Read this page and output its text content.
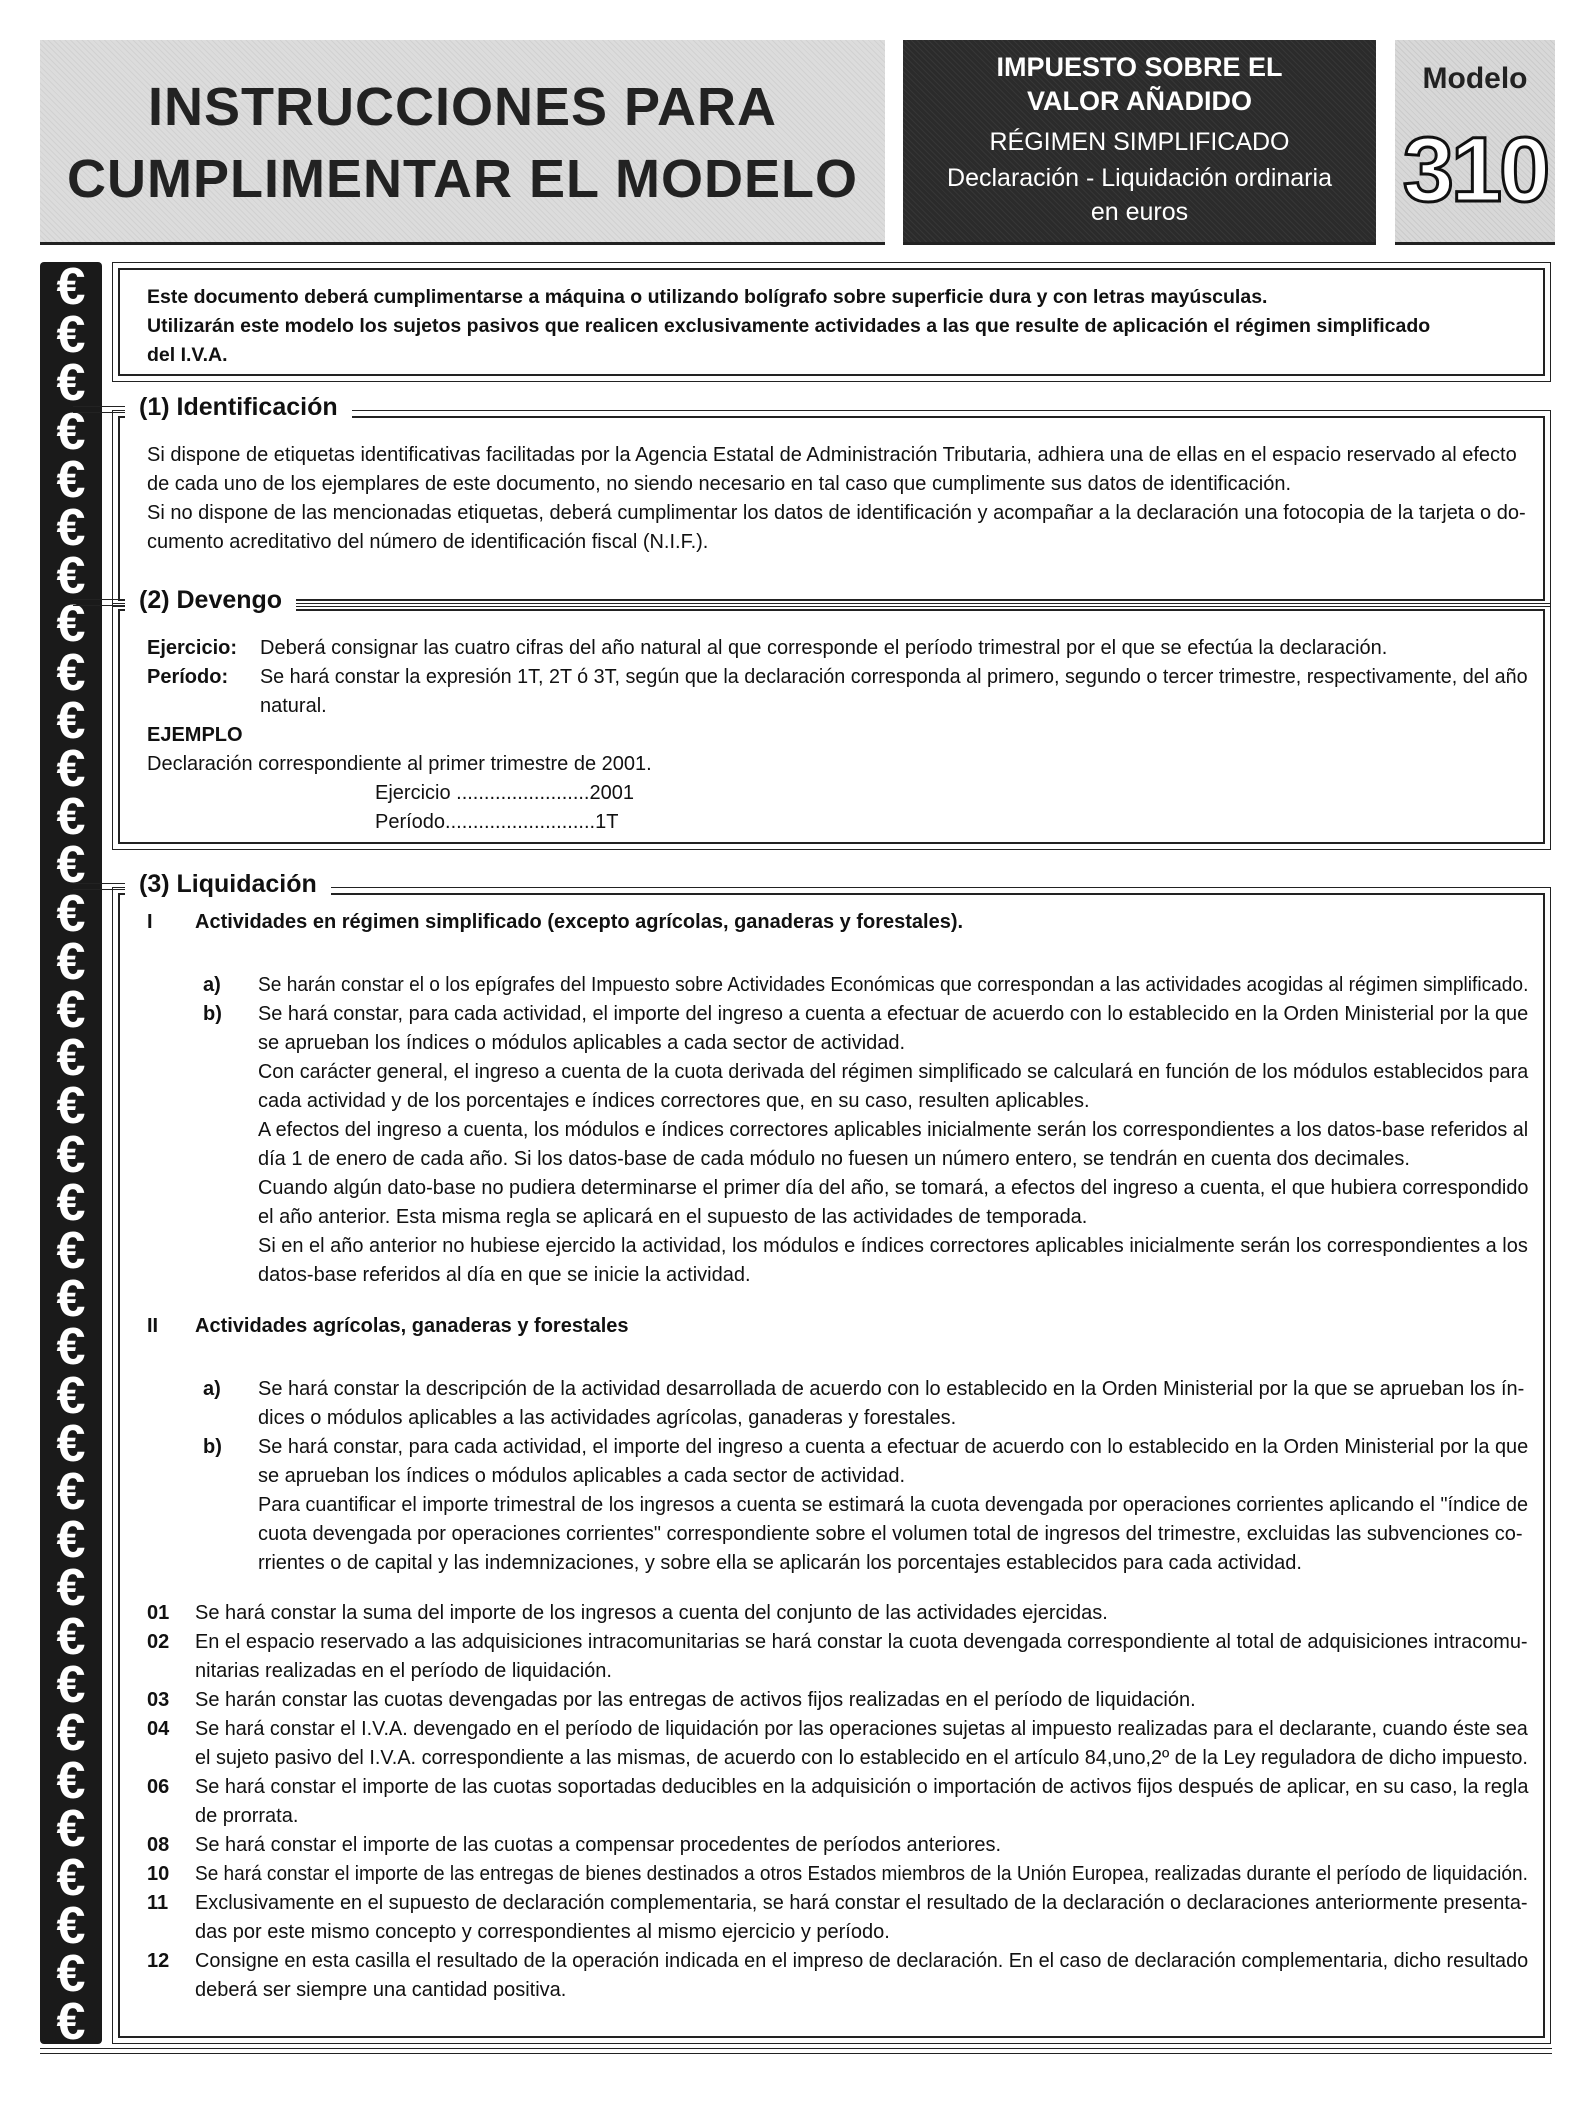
INSTRUCCIONES PARA
CUMPLIMENTAR EL MODELO
IMPUESTO SOBRE EL
VALOR AÑADIDO
RÉGIMEN SIMPLIFICADO
Declaración - Liquidación ordinaria
en euros
Modelo
310
€
€
€
€
€
€
€
€
€
€
€
€
€
€
€
€
€
€
€
€
€
€
€
€
€
€
€
€
€
€
€
€
€
€
€
€
€
Este documento deberá cumplimentarse a máquina o utilizando bolígrafo sobre superficie dura y con letras mayúsculas.
Utilizarán este modelo los sujetos pasivos que realicen exclusivamente actividades a las que resulte de aplicación el régimen simplificado
del I.V.A.
Si dispone de etiquetas identificativas facilitadas por la Agencia Estatal de Administración Tributaria, adhiera una de ellas en el espacio reservado al efecto
de cada uno de los ejemplares de este documento, no siendo necesario en tal caso que cumplimente sus datos de identificación.
Si no dispone de las mencionadas etiquetas, deberá cumplimentar los datos de identificación y acompañar a la declaración una fotocopia de la tarjeta o do-
cumento acreditativo del número de identificación fiscal (N.I.F.).
(1) Identificación
Ejercicio: Deberá consignar las cuatro cifras del año natural al que corresponde el período trimestral por el que se efectúa la declaración.
Período: Se hará constar la expresión 1T, 2T ó 3T, según que la declaración corresponda al primero, segundo o tercer trimestre, respectivamente, del año
natural.
EJEMPLO
Declaración correspondiente al primer trimestre de 2001.
Ejercicio ........................2001
Período...........................1T
(2) Devengo
I Actividades en régimen simplificado (excepto agrícolas, ganaderas y forestales).
a) Se harán constar el o los epígrafes del Impuesto sobre Actividades Económicas que correspondan a las actividades acogidas al régimen simplificado.
b) Se hará constar, para cada actividad, el importe del ingreso a cuenta a efectuar de acuerdo con lo establecido en la Orden Ministerial por la que
se aprueban los índices o módulos aplicables a cada sector de actividad.
Con carácter general, el ingreso a cuenta de la cuota derivada del régimen simplificado se calculará en función de los módulos establecidos para
cada actividad y de los porcentajes e índices correctores que, en su caso, resulten aplicables.
A efectos del ingreso a cuenta, los módulos e índices correctores aplicables inicialmente serán los correspondientes a los datos-base referidos al
día 1 de enero de cada año. Si los datos-base de cada módulo no fuesen un número entero, se tendrán en cuenta dos decimales.
Cuando algún dato-base no pudiera determinarse el primer día del año, se tomará, a efectos del ingreso a cuenta, el que hubiera correspondido
el año anterior. Esta misma regla se aplicará en el supuesto de las actividades de temporada.
Si en el año anterior no hubiese ejercido la actividad, los módulos e índices correctores aplicables inicialmente serán los correspondientes a los
datos-base referidos al día en que se inicie la actividad.
II Actividades agrícolas, ganaderas y forestales
a) Se hará constar la descripción de la actividad desarrollada de acuerdo con lo establecido en la Orden Ministerial por la que se aprueban los ín-
dices o módulos aplicables a las actividades agrícolas, ganaderas y forestales.
b) Se hará constar, para cada actividad, el importe del ingreso a cuenta a efectuar de acuerdo con lo establecido en la Orden Ministerial por la que
se aprueban los índices o módulos aplicables a cada sector de actividad.
Para cuantificar el importe trimestral de los ingresos a cuenta se estimará la cuota devengada por operaciones corrientes aplicando el "índice de
cuota devengada por operaciones corrientes" correspondiente sobre el volumen total de ingresos del trimestre, excluidas las subvenciones co-
rrientes o de capital y las indemnizaciones, y sobre ella se aplicarán los porcentajes establecidos para cada actividad.
01 Se hará constar la suma del importe de los ingresos a cuenta del conjunto de las actividades ejercidas.
02 En el espacio reservado a las adquisiciones intracomunitarias se hará constar la cuota devengada correspondiente al total de adquisiciones intracomu-
nitarias realizadas en el período de liquidación.
03 Se harán constar las cuotas devengadas por las entregas de activos fijos realizadas en el período de liquidación.
04 Se hará constar el I.V.A. devengado en el período de liquidación por las operaciones sujetas al impuesto realizadas para el declarante, cuando éste sea
el sujeto pasivo del I.V.A. correspondiente a las mismas, de acuerdo con lo establecido en el artículo 84,uno,2º de la Ley reguladora de dicho impuesto.
06 Se hará constar el importe de las cuotas soportadas deducibles en la adquisición o importación de activos fijos después de aplicar, en su caso, la regla
de prorrata.
08 Se hará constar el importe de las cuotas a compensar procedentes de períodos anteriores.
10 Se hará constar el importe de las entregas de bienes destinados a otros Estados miembros de la Unión Europea, realizadas durante el período de liquidación.
11 Exclusivamente en el supuesto de declaración complementaria, se hará constar el resultado de la declaración o declaraciones anteriormente presenta-
das por este mismo concepto y correspondientes al mismo ejercicio y período.
12 Consigne en esta casilla el resultado de la operación indicada en el impreso de declaración. En el caso de declaración complementaria, dicho resultado
deberá ser siempre una cantidad positiva.
(3) Liquidación
